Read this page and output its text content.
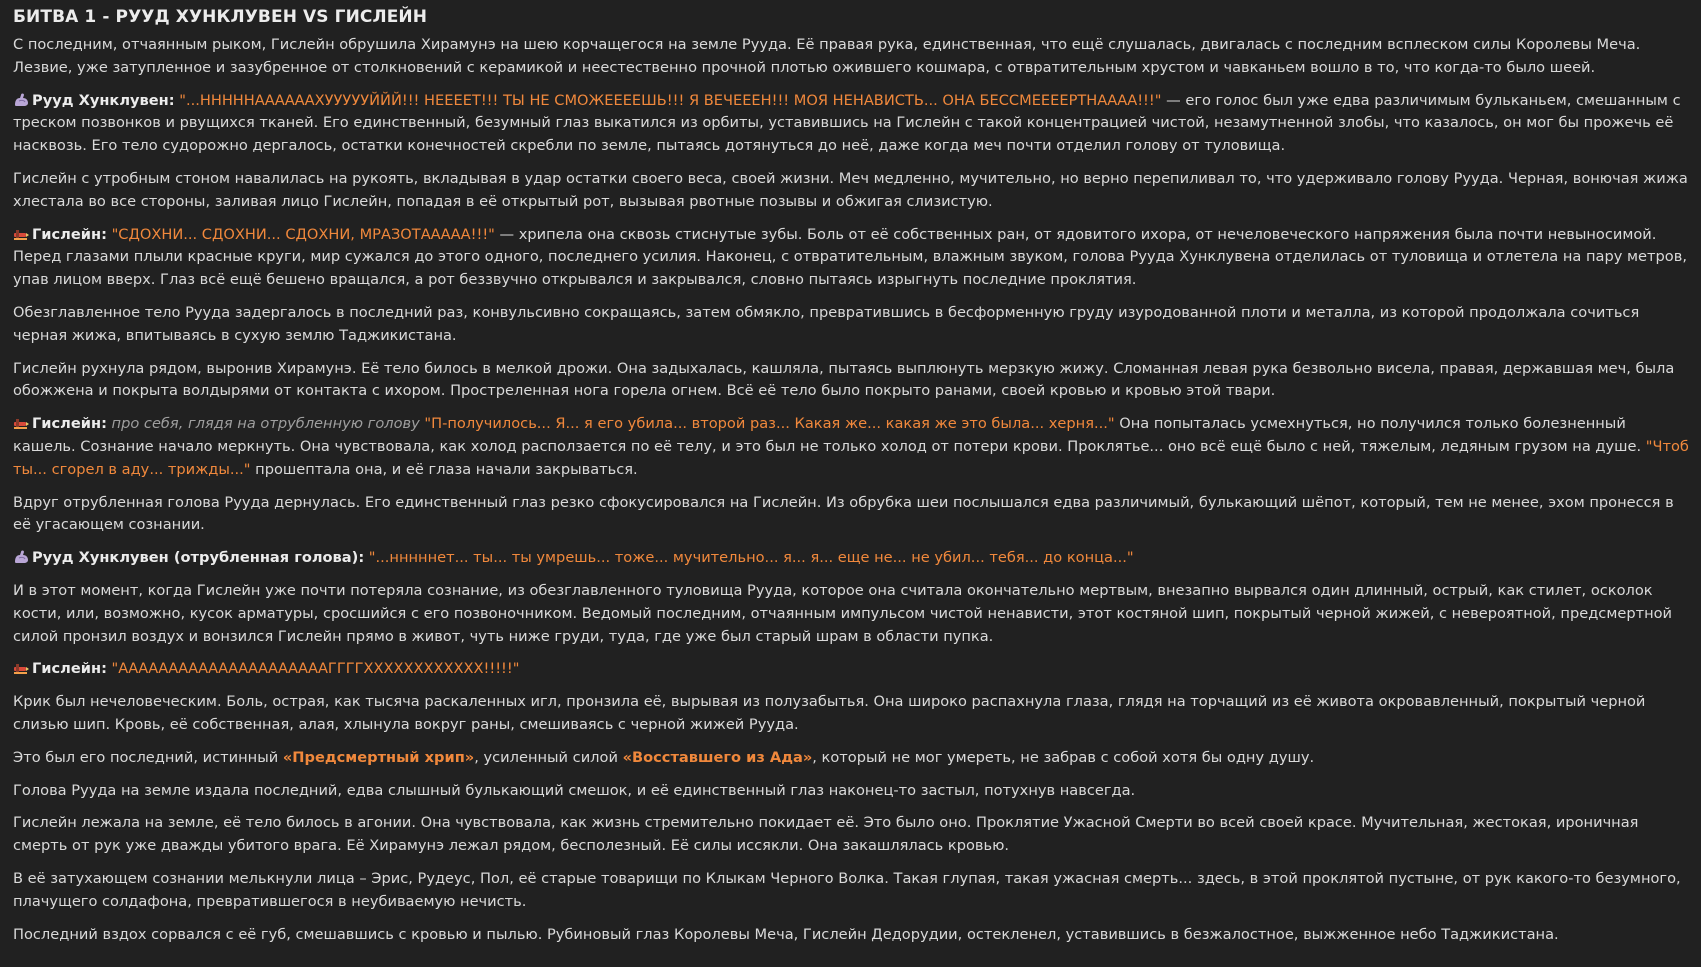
БИТВА 1 - РУУД ХУНКЛУВЕН VS ГИСЛЕЙН

С последним, отчаянным рыком, Гислейн обрушила Хирамунэ на шею корчащегося на земле Рууда. Её правая рука, единственная, что ещё слушалась, двигалась с последним всплеском силы Королевы Меча. Лезвие, уже затупленное и зазубренное от столкновений с керамикой и неестественно прочной плотью ожившего кошмара, с отвратительным хрустом и чавканьем вошло в то, что когда-то было шеей.

Рууд Хунклувен: "...НННННААААААХУУУУУЙЙЙ!!! НЕЕЕЕТ!!! ТЫ НЕ СМОЖЕЕЕЕШЬ!!! Я ВЕЧЕЕЕН!!! МОЯ НЕНАВИСТЬ... ОНА БЕССМЕЕЕЕРТНАААА!!!" — его голос был уже едва различимым бульканьем, смешанным с треском позвонков и рвущихся тканей. Его единственный, безумный глаз выкатился из орбиты, уставившись на Гислейн с такой концентрацией чистой, незамутненной злобы, что казалось, он мог бы прожечь её насквозь. Его тело судорожно дергалось, остатки конечностей скребли по земле, пытаясь дотянуться до неё, даже когда меч почти отделил голову от туловища.

Гислейн с утробным стоном навалилась на рукоять, вкладывая в удар остатки своего веса, своей жизни. Меч медленно, мучительно, но верно перепиливал то, что удерживало голову Рууда. Черная, вонючая жижа хлестала во все стороны, заливая лицо Гислейн, попадая в её открытый рот, вызывая рвотные позывы и обжигая слизистую.

Гислейн: "СДОХНИ... СДОХНИ... СДОХНИ, МРАЗОТААААА!!!" — хрипела она сквозь стиснутые зубы. Боль от её собственных ран, от ядовитого ихора, от нечеловеческого напряжения была почти невыносимой. Перед глазами плыли красные круги, мир сужался до этого одного, последнего усилия. Наконец, с отвратительным, влажным звуком, голова Рууда Хунклувена отделилась от туловища и отлетела на пару метров, упав лицом вверх. Глаз всё ещё бешено вращался, а рот беззвучно открывался и закрывался, словно пытаясь изрыгнуть последние проклятия.

Обезглавленное тело Рууда задергалось в последний раз, конвульсивно сокращаясь, затем обмякло, превратившись в бесформенную груду изуродованной плоти и металла, из которой продолжала сочиться черная жижа, впитываясь в сухую землю Таджикистана.

Гислейн рухнула рядом, выронив Хирамунэ. Её тело билось в мелкой дрожи. Она задыхалась, кашляла, пытаясь выплюнуть мерзкую жижу. Сломанная левая рука безвольно висела, правая, державшая меч, была обожжена и покрыта волдырями от контакта с ихором. Простреленная нога горела огнем. Всё её тело было покрыто ранами, своей кровью и кровью этой твари.

Гислейн: про себя, глядя на отрубленную голову "П-получилось... Я... я его убила... второй раз... Какая же... какая же это была... херня..." Она попыталась усмехнуться, но получился только болезненный кашель. Сознание начало меркнуть. Она чувствовала, как холод расползается по её телу, и это был не только холод от потери крови. Проклятье... оно всё ещё было с ней, тяжелым, ледяным грузом на душе. "Чтоб ты... сгорел в аду... трижды..." прошептала она, и её глаза начали закрываться.

Вдруг отрубленная голова Рууда дернулась. Его единственный глаз резко сфокусировался на Гислейн. Из обрубка шеи послышался едва различимый, булькающий шёпот, который, тем не менее, эхом пронесся в её угасающем сознании.

Рууд Хунклувен (отрубленная голова): "...нннннет... ты... ты умрешь... тоже... мучительно... я... я... еще не... не убил... тебя... до конца..."

И в этот момент, когда Гислейн уже почти потеряла сознание, из обезглавленного туловища Рууда, которое она считала окончательно мертвым, внезапно вырвался один длинный, острый, как стилет, осколок кости, или, возможно, кусок арматуры, сросшийся с его позвоночником. Ведомый последним, отчаянным импульсом чистой ненависти, этот костяной шип, покрытый черной жижей, с невероятной, предсмертной силой пронзил воздух и вонзился Гислейн прямо в живот, чуть ниже груди, туда, где уже был старый шрам в области пупка.

Гислейн: "АААААААААААААААААААААГГГГХХХХХХХХХХХХ!!!!!"

Крик был нечеловеческим. Боль, острая, как тысяча раскаленных игл, пронзила её, вырывая из полузабытья. Она широко распахнула глаза, глядя на торчащий из её живота окровавленный, покрытый черной слизью шип. Кровь, её собственная, алая, хлынула вокруг раны, смешиваясь с черной жижей Рууда.

Это был его последний, истинный «Предсмертный хрип», усиленный силой «Восставшего из Ада», который не мог умереть, не забрав с собой хотя бы одну душу.

Голова Рууда на земле издала последний, едва слышный булькающий смешок, и её единственный глаз наконец-то застыл, потухнув навсегда.

Гислейн лежала на земле, её тело билось в агонии. Она чувствовала, как жизнь стремительно покидает её. Это было оно. Проклятие Ужасной Смерти во всей своей красе. Мучительная, жестокая, ироничная смерть от рук уже дважды убитого врага. Её Хирамунэ лежал рядом, бесполезный. Её силы иссякли. Она закашлялась кровью.

В её затухающем сознании мелькнули лица – Эрис, Рудеус, Пол, её старые товарищи по Клыкам Черного Волка. Такая глупая, такая ужасная смерть... здесь, в этой проклятой пустыне, от рук какого-то безумного, плачущего солдафона, превратившегося в неубиваемую нечисть.

Последний вздох сорвался с её губ, смешавшись с кровью и пылью. Рубиновый глаз Королевы Меча, Гислейн Дедорудии, остекленел, уставившись в безжалостное, выжженное небо Таджикистана.
